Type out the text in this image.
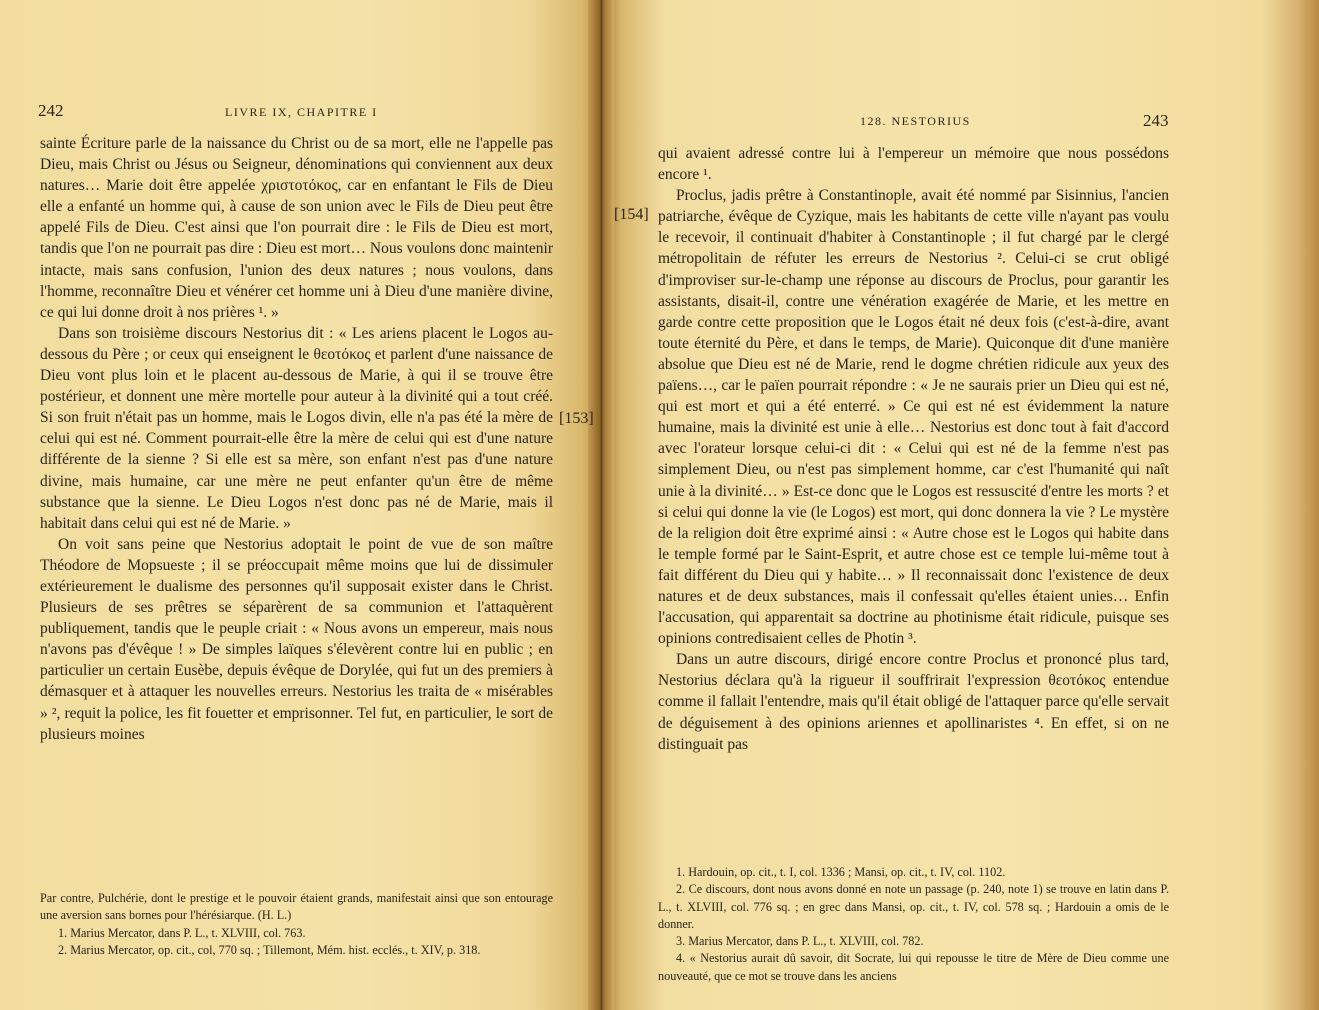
242	LIVRE IX, CHAPITRE I

sainte Écriture parle de la naissance du Christ ou de sa mort, elle ne l'appelle pas Dieu, mais Christ ou Jésus ou Seigneur, dénominations qui conviennent aux deux natures… Marie doit être appelée χριστοτόκος, car en enfantant le Fils de Dieu elle a enfanté un homme qui, à cause de son union avec le Fils de Dieu peut être appelé Fils de Dieu. C'est ainsi que l'on pourrait dire : le Fils de Dieu est mort, tandis que l'on ne pourrait pas dire : Dieu est mort… Nous voulons donc maintenir intacte, mais sans confusion, l'union des deux natures ; nous voulons, dans l'homme, reconnaître Dieu et vénérer cet homme uni à Dieu d'une manière divine, ce qui lui donne droit à nos prières ¹. »

Dans son troisième discours Nestorius dit : « Les ariens placent le Logos au-dessous du Père ; or ceux qui enseignent le θεοτόκος et parlent d'une naissance de Dieu vont plus loin et le placent au-dessous de Marie, à qui il se trouve être postérieur, et donnent une mère mortelle pour auteur à la divinité qui a tout créé. Si son fruit n'était pas un homme, mais le Logos divin, elle n'a pas été la mère de celui qui est né. Comment pourrait-elle être la mère de celui qui est d'une nature différente de la sienne ? Si elle est sa mère, son enfant n'est pas d'une nature divine, mais humaine, car une mère ne peut enfanter qu'un être de même substance que la sienne. Le Dieu Logos n'est donc pas né de Marie, mais il habitait dans celui qui est né de Marie. »

On voit sans peine que Nestorius adoptait le point de vue de son maître Théodore de Mopsueste ; il se préoccupait même moins que lui de dissimuler extérieurement le dualisme des personnes qu'il supposait exister dans le Christ. Plusieurs de ses prêtres se séparèrent de sa communion et l'attaquèrent publiquement, tandis que le peuple criait : « Nous avons un empereur, mais nous n'avons pas d'évêque ! » De simples laïques s'élevèrent contre lui en public ; en particulier un certain Eusèbe, depuis évêque de Dorylée, qui fut un des premiers à démasquer et à attaquer les nouvelles erreurs. Nestorius les traita de « misérables » ², requit la police, les fit fouetter et emprisonner. Tel fut, en particulier, le sort de plusieurs moines

Par contre, Pulchérie, dont le prestige et le pouvoir étaient grands, manifestait ainsi que son entourage une aversion sans bornes pour l'hérésiarque. (H. L.)

1. Marius Mercator, dans P. L., t. XLVIII, col. 763.

2. Marius Mercator, op. cit., col, 770 sq. ; Tillemont, Mém. hist. ecclés., t. XIV, p. 318.

128. NESTORIUS	243

qui avaient adressé contre lui à l'empereur un mémoire que nous possédons encore ¹.

Proclus, jadis prêtre à Constantinople, avait été nommé par Sisinnius, l'ancien patriarche, évêque de Cyzique, mais les habitants de cette ville n'ayant pas voulu le recevoir, il continuait d'habiter à Constantinople ; il fut chargé par le clergé métropolitain de réfuter les erreurs de Nestorius ². Celui-ci se crut obligé d'improviser sur-le-champ une réponse au discours de Proclus, pour garantir les assistants, disait-il, contre une vénération exagérée de Marie, et les mettre en garde contre cette proposition que le Logos était né deux fois (c'est-à-dire, avant toute éternité du Père, et dans le temps, de Marie). Quiconque dit d'une manière absolue que Dieu est né de Marie, rend le dogme chrétien ridicule aux yeux des païens…, car le païen pourrait répondre : « Je ne saurais prier un Dieu qui est né, qui est mort et qui a été enterré. » Ce qui est né est évidemment la nature humaine, mais la divinité est unie à elle… Nestorius est donc tout à fait d'accord avec l'orateur lorsque celui-ci dit : « Celui qui est né de la femme n'est pas simplement Dieu, ou n'est pas simplement homme, car c'est l'humanité qui naît unie à la divinité… » Est-ce donc que le Logos est ressuscité d'entre les morts ? et si celui qui donne la vie (le Logos) est mort, qui donc donnera la vie ? Le mystère de la religion doit être exprimé ainsi : « Autre chose est le Logos qui habite dans le temple formé par le Saint-Esprit, et autre chose est ce temple lui-même tout à fait différent du Dieu qui y habite… » Il reconnaissait donc l'existence de deux natures et de deux substances, mais il confessait qu'elles étaient unies… Enfin l'accusation, qui apparentait sa doctrine au photinisme était ridicule, puisque ses opinions contredisaient celles de Photin ³.

Dans un autre discours, dirigé encore contre Proclus et prononcé plus tard, Nestorius déclara qu'à la rigueur il souffrirait l'expression θεοτόκος entendue comme il fallait l'entendre, mais qu'il était obligé de l'attaquer parce qu'elle servait de déguisement à des opinions ariennes et apollinaristes ⁴. En effet, si on ne distinguait pas

1. Hardouin, op. cit., t. I, col. 1336 ; Mansi, op. cit., t. IV, col. 1102.

2. Ce discours, dont nous avons donné en note un passage (p. 240, note 1) se trouve en latin dans P. L., t. XLVIII, col. 776 sq. ; en grec dans Mansi, op. cit., t. IV, col. 578 sq. ; Hardouin a omis de le donner.

3. Marius Mercator, dans P. L., t. XLVIII, col. 782.

4. « Nestorius aurait dû savoir, dit Socrate, lui qui repousse le titre de Mère de Dieu comme une nouveauté, que ce mot se trouve dans les anciens

[153]
[154]
